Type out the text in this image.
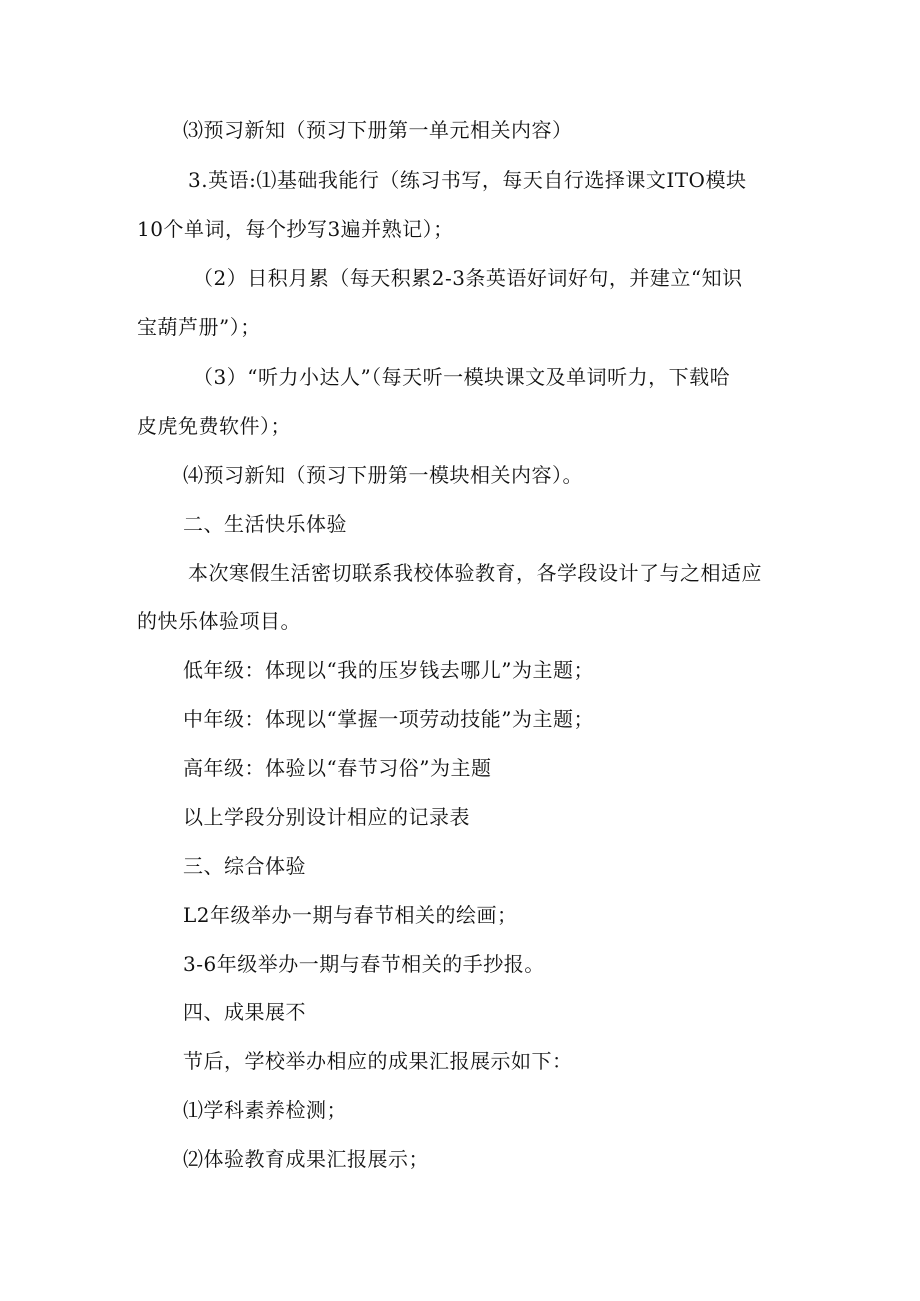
⑶预习新知（预习下册第一单元相关内容）
3.英语:⑴基础我能行（练习书写，每天自行选择课文ITO模块
10个单词，每个抄写3遍并熟记）；
（2）日积月累（每天积累2-3条英语好词好句，并建立“知识
宝葫芦册”）；
（3）“听力小达人”（每天听一模块课文及单词听力，下载哈
皮虎免费软件）；
⑷预习新知（预习下册第一模块相关内容）。
二、生活快乐体验
本次寒假生活密切联系我校体验教育，各学段设计了与之相适应
的快乐体验项目。
低年级：体现以“我的压岁钱去哪儿”为主题；
中年级：体现以“掌握一项劳动技能”为主题；
高年级：体验以“春节习俗”为主题
以上学段分别设计相应的记录表
三、综合体验
L2年级举办一期与春节相关的绘画；
3-6年级举办一期与春节相关的手抄报。
四、成果展不
节后，学校举办相应的成果汇报展示如下：
⑴学科素养检测；
⑵体验教育成果汇报展示；
